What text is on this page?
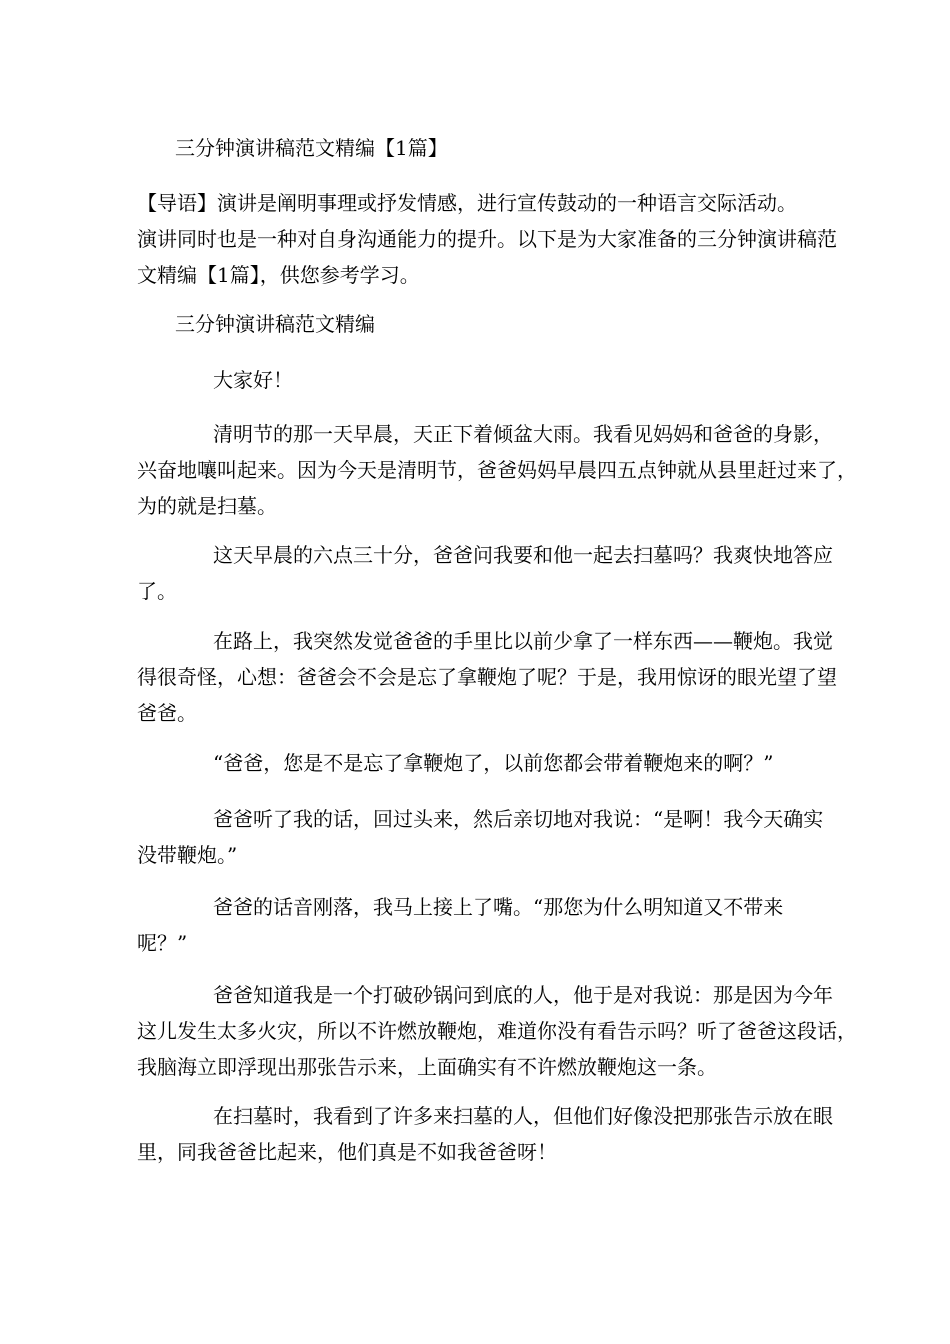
三分钟演讲稿范文精编【1篇】

【导语】演讲是阐明事理或抒发情感，进行宣传鼓动的一种语言交际活动。
演讲同时也是一种对自身沟通能力的提升。以下是为大家准备的三分钟演讲稿范
文精编【1篇】，供您参考学习。

三分钟演讲稿范文精编

大家好！

清明节的那一天早晨，天正下着倾盆大雨。我看见妈妈和爸爸的身影，
兴奋地嚷叫起来。因为今天是清明节，爸爸妈妈早晨四五点钟就从县里赶过来了，
为的就是扫墓。

这天早晨的六点三十分，爸爸问我要和他一起去扫墓吗？我爽快地答应
了。

在路上，我突然发觉爸爸的手里比以前少拿了一样东西——鞭炮。我觉
得很奇怪，心想：爸爸会不会是忘了拿鞭炮了呢？于是，我用惊讶的眼光望了望
爸爸。

“爸爸，您是不是忘了拿鞭炮了，以前您都会带着鞭炮来的啊？”

爸爸听了我的话，回过头来，然后亲切地对我说：“是啊！我今天确实
没带鞭炮。”

爸爸的话音刚落，我马上接上了嘴。“那您为什么明知道又不带来
呢？”

爸爸知道我是一个打破砂锅问到底的人，他于是对我说：那是因为今年
这儿发生太多火灾，所以不许燃放鞭炮，难道你没有看告示吗？听了爸爸这段话，
我脑海立即浮现出那张告示来，上面确实有不许燃放鞭炮这一条。

在扫墓时，我看到了许多来扫墓的人，但他们好像没把那张告示放在眼
里，同我爸爸比起来，他们真是不如我爸爸呀！
